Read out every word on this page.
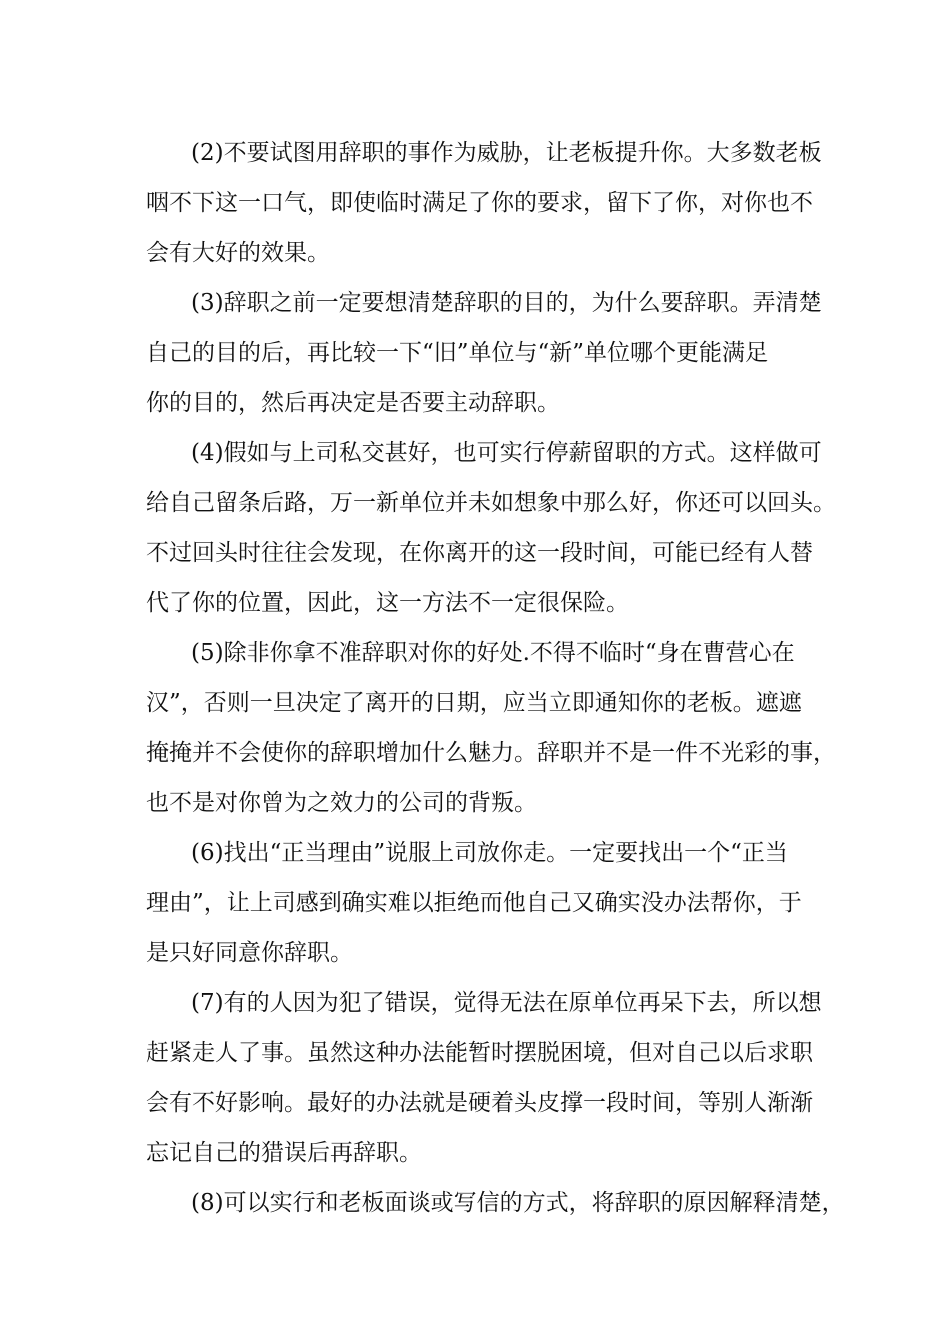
(2)不要试图用辞职的事作为威胁，让老板提升你。大多数老板
咽不下这一口气，即使临时满足了你的要求，留下了你，对你也不
会有大好的效果。
(3)辞职之前一定要想清楚辞职的目的，为什么要辞职。弄清楚
自己的目的后，再比较一下“旧”单位与“新”单位哪个更能满足
你的目的，然后再决定是否要主动辞职。
(4)假如与上司私交甚好，也可实行停薪留职的方式。这样做可
给自己留条后路，万一新单位并未如想象中那么好，你还可以回头。
不过回头时往往会发现，在你离开的这一段时间，可能已经有人替
代了你的位置，因此，这一方法不一定很保险。
(5)除非你拿不准辞职对你的好处.不得不临时“身在曹营心在
汉”，否则一旦决定了离开的日期，应当立即通知你的老板。遮遮
掩掩并不会使你的辞职增加什么魅力。辞职并不是一件不光彩的事，
也不是对你曾为之效力的公司的背叛。
(6)找出“正当理由”说服上司放你走。一定要找出一个“正当
理由”，让上司感到确实难以拒绝而他自己又确实没办法帮你，于
是只好同意你辞职。
(7)有的人因为犯了错误，觉得无法在原单位再呆下去，所以想
赶紧走人了事。虽然这种办法能暂时摆脱困境，但对自己以后求职
会有不好影响。最好的办法就是硬着头皮撑一段时间，等别人渐渐
忘记自己的猎误后再辞职。
(8)可以实行和老板面谈或写信的方式，将辞职的原因解释清楚，
